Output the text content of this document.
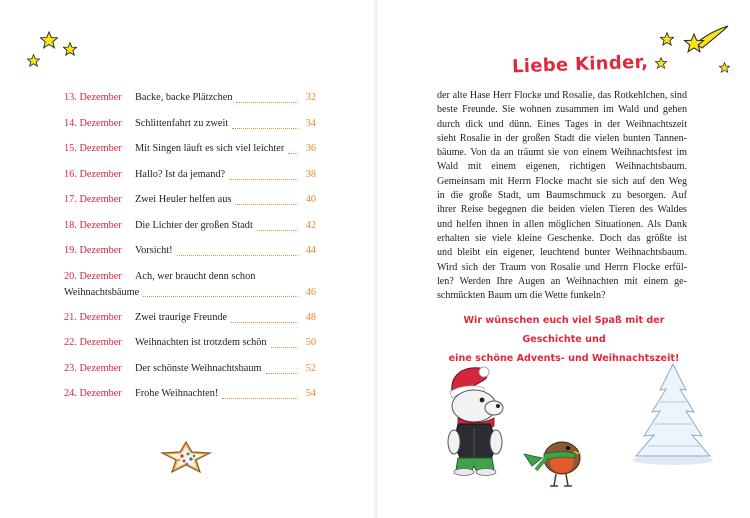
13. Dezember	Backe, backe Plätzchen	32
14. Dezember	Schlittenfahrt zu zweit	34
15. Dezember	Mit Singen läuft es sich viel leichter	36
16. Dezember	Hallo? Ist da jemand?	38
17. Dezember	Zwei Heuler helfen aus	40
18. Dezember	Die Lichter der großen Stadt	42
19. Dezember	Vorsicht!	44
20. Dezember	Ach, wer braucht denn schon
Weihnachtsbäume	46
21. Dezember	Zwei traurige Freunde	48
22. Dezember	Weihnachten ist trotzdem schön	50
23. Dezember	Der schönste Weihnachtsbaum	52
24. Dezember	Frohe Weihnachten!	54
Liebe Kinder,
der alte Hase Herr Flocke und Rosalie, das Rotkehlchen, sind
beste Freunde. Sie wohnen zusammen im Wald und gehen
durch dick und dünn. Eines Tages in der Weihnachtszeit
sieht Rosalie in der großen Stadt die vielen bunten Tannen-
bäume. Von da an träumt sie von einem Weihnachtsfest im
Wald mit einem eigenen, richtigen Weihnachtsbaum.
Gemeinsam mit Herrn Flocke macht sie sich auf den Weg
in die große Stadt, um Baumschmuck zu besorgen. Auf
ihrer Reise begegnen die beiden vielen Tieren des Waldes
und helfen ihnen in allen möglichen Situationen. Als Dank
erhalten sie viele kleine Geschenke. Doch das größte ist
und bleibt ein eigener, leuchtend bunter Weihnachtsbaum.
Wird sich der Traum von Rosalie und Herrn Flocke erfül-
len? Werden Ihre Augen an Weihnachten mit einem ge-
schmückten Baum um die Wette funkeln?
Wir wünschen euch viel Spaß mit der Geschichte und
eine schöne Advents- und Weihnachtszeit!
